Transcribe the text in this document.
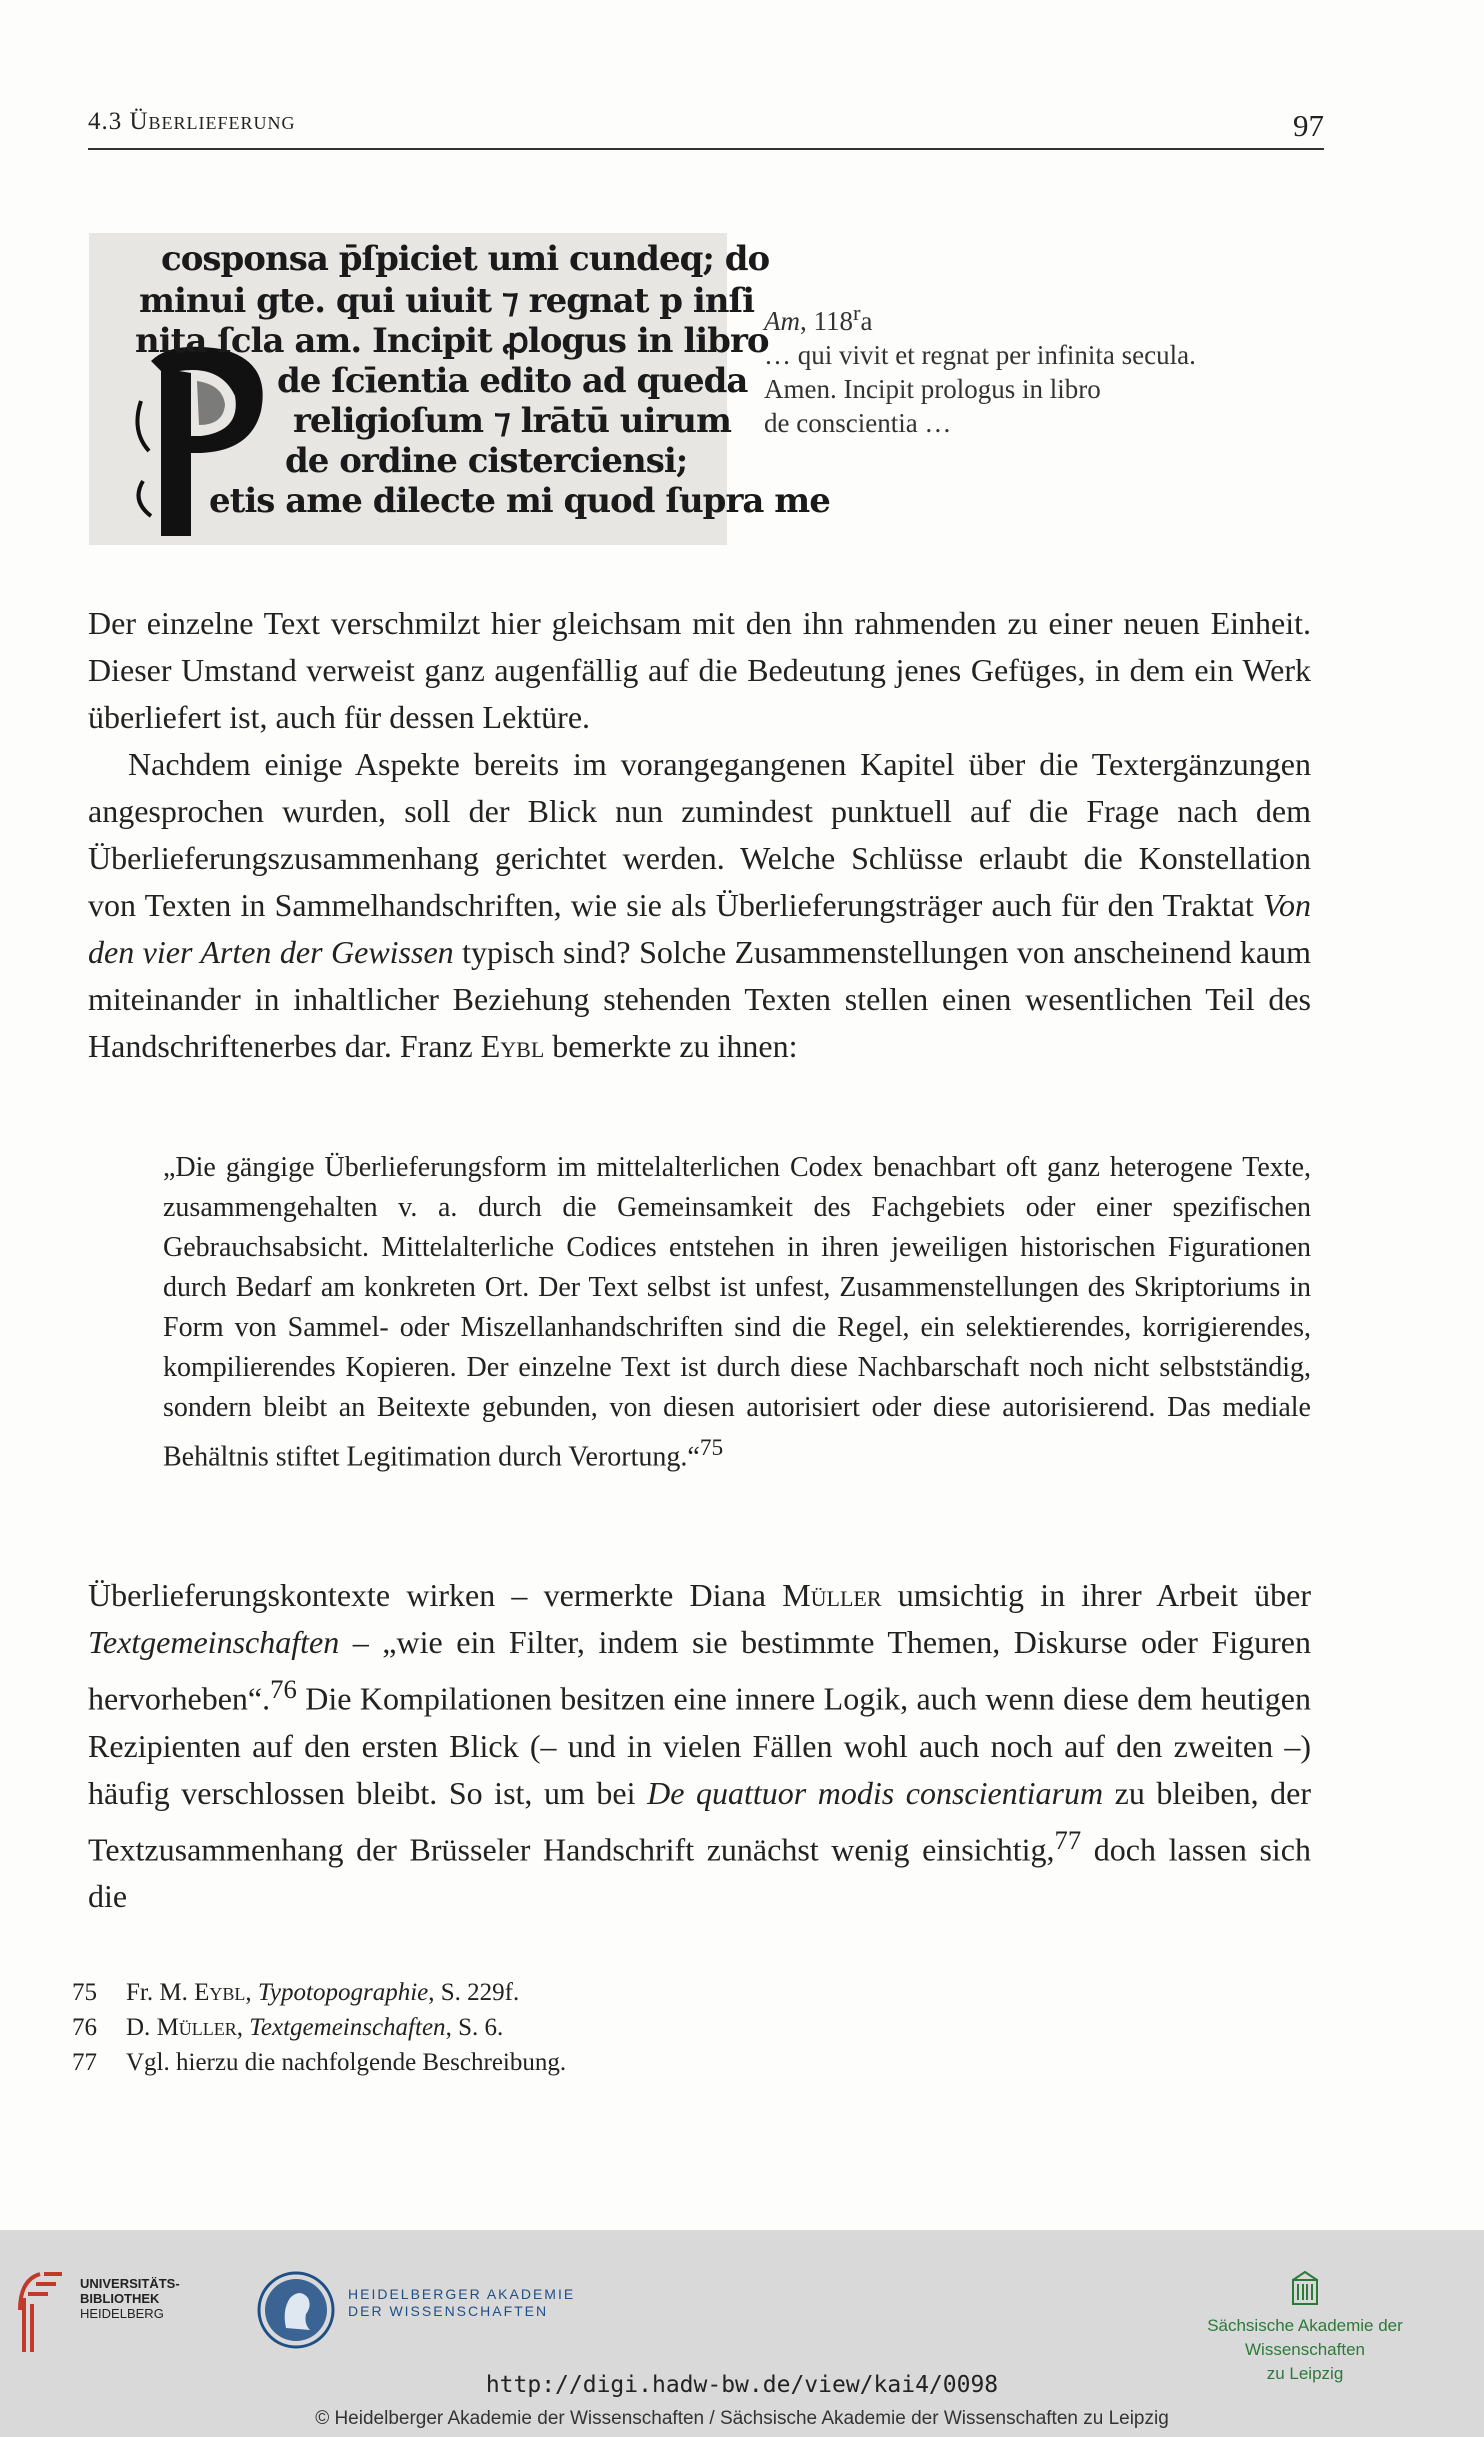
4.3 Überlieferung	97
cosponsa p̄ſpiciet umi cundeq; do
minui gte. qui uiuit ⁊ regnat p inſi
nita ſcla am. Incipit ꝓlogus in libro
de ſcīentia edito ad queda
religioſum ⁊ lrātū uirum
de ordine cisterciensi;
etis ame dilecte mi quod ſupra me
Am, 118$^r$a
… qui vivit et regnat per infinita secula.
Amen. Incipit prologus in libro
de conscientia …

Der einzelne Text verschmilzt hier gleichsam mit den ihn rahmenden zu einer neuen Einheit. Dieser Umstand verweist ganz augenfällig auf die Bedeutung jenes Gefüges, in dem ein Werk überliefert ist, auch für dessen Lektüre.

Nachdem einige Aspekte bereits im vorangegangenen Kapitel über die Textergänzungen angesprochen wurden, soll der Blick nun zumindest punktuell auf die Frage nach dem Überlieferungszusammenhang gerichtet werden. Welche Schlüsse erlaubt die Konstellation von Texten in Sammelhandschriften, wie sie als Überlieferungsträger auch für den Traktat Von den vier Arten der Gewissen typisch sind? Solche Zusammenstellungen von anscheinend kaum miteinander in inhaltlicher Beziehung stehenden Texten stellen einen wesentlichen Teil des Handschriftenerbes dar. Franz Eybl bemerkte zu ihnen:

„Die gängige Überlieferungsform im mittelalterlichen Codex benachbart oft ganz heterogene Texte, zusammengehalten v. a. durch die Gemeinsamkeit des Fachgebiets oder einer spezifischen Gebrauchsabsicht. Mittelalterliche Codices entstehen in ihren jeweiligen historischen Figurationen durch Bedarf am konkreten Ort. Der Text selbst ist unfest, Zusammenstellungen des Skriptoriums in Form von Sammel- oder Miszellanhandschriften sind die Regel, ein selektierendes, korrigierendes, kompilierendes Kopieren. Der einzelne Text ist durch diese Nachbarschaft noch nicht selbstständig, sondern bleibt an Beitexte gebunden, von diesen autorisiert oder diese autorisierend. Das mediale Behältnis stiftet Legitimation durch Verortung.“$^{75}$

Überlieferungskontexte wirken – vermerkte Diana Müller umsichtig in ihrer Arbeit über Textgemeinschaften – „wie ein Filter, indem sie bestimmte Themen, Diskurse oder Figuren hervorheben“.$^{76}$ Die Kompilationen besitzen eine innere Logik, auch wenn diese dem heutigen Rezipienten auf den ersten Blick (– und in vielen Fällen wohl auch noch auf den zweiten –) häufig verschlossen bleibt. So ist, um bei De quattuor modis conscientiarum zu bleiben, der Textzusammenhang der Brüsseler Handschrift zunächst wenig einsichtig,$^{77}$ doch lassen sich die

75	Fr. M. Eybl, Typotopographie, S. 229f.
76	D. Müller, Textgemeinschaften, S. 6.
77	Vgl. hierzu die nachfolgende Beschreibung.
UNIVERSITÄTS-
BIBLIOTHEK
HEIDELBERG
HEIDELBERGER AKADEMIE
DER WISSENSCHAFTEN
Sächsische Akademie der Wissenschaften
zu Leipzig
http://digi.hadw-bw.de/view/kai4/0098
© Heidelberger Akademie der Wissenschaften / Sächsische Akademie der Wissenschaften zu Leipzig
